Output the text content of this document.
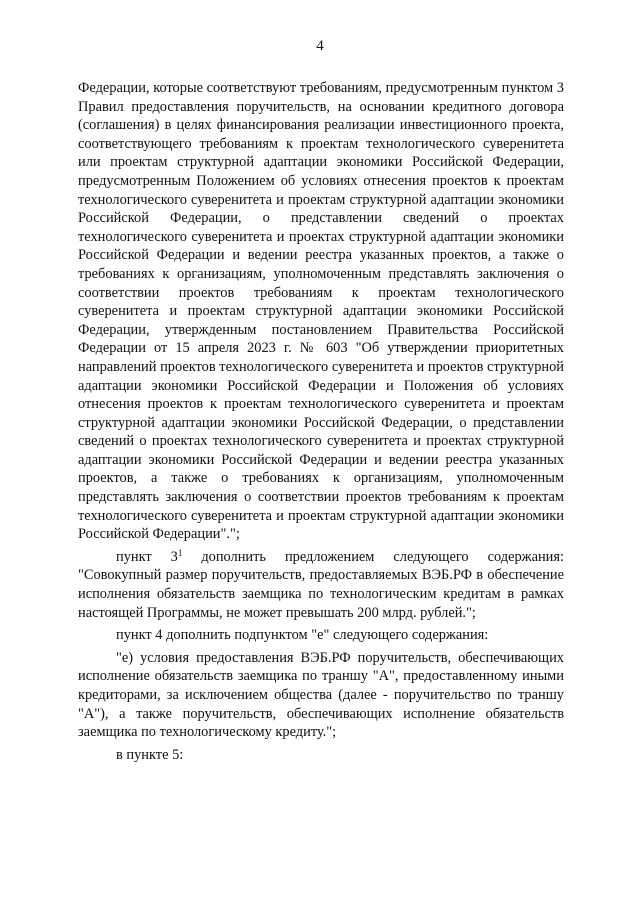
4

Федерации, которые соответствуют требованиям, предусмотренным пунктом 3 Правил предоставления поручительств, на основании кредитного договора (соглашения) в целях финансирования реализации инвестиционного проекта, соответствующего требованиям к проектам технологического суверенитета или проектам структурной адаптации экономики Российской Федерации, предусмотренным Положением об условиях отнесения проектов к проектам технологического суверенитета и проектам структурной адаптации экономики Российской Федерации, о представлении сведений о проектах технологического суверенитета и проектах структурной адаптации экономики Российской Федерации и ведении реестра указанных проектов, а также о требованиях к организациям, уполномоченным представлять заключения о соответствии проектов требованиям к проектам технологического суверенитета и проектам структурной адаптации экономики Российской Федерации, утвержденным постановлением Правительства Российской Федерации от 15 апреля 2023 г. № 603 "Об утверждении приоритетных направлений проектов технологического суверенитета и проектов структурной адаптации экономики Российской Федерации и Положения об условиях отнесения проектов к проектам технологического суверенитета и проектам структурной адаптации экономики Российской Федерации, о представлении сведений о проектах технологического суверенитета и проектах структурной адаптации экономики Российской Федерации и ведении реестра указанных проектов, а также о требованиях к организациям, уполномоченным представлять заключения о соответствии проектов требованиям к проектам технологического суверенитета и проектам структурной адаптации экономики Российской Федерации".";

пункт $3^1$ дополнить предложением следующего содержания: "Совокупный размер поручительств, предоставляемых ВЭБ.РФ в обеспечение исполнения обязательств заемщика по технологическим кредитам в рамках настоящей Программы, не может превышать 200 млрд. рублей.";

пункт 4 дополнить подпунктом "е" следующего содержания:

"е) условия предоставления ВЭБ.РФ поручительств, обеспечивающих исполнение обязательств заемщика по траншу "А", предоставленному иными кредиторами, за исключением общества (далее - поручительство по траншу "А"), а также поручительств, обеспечивающих исполнение обязательств заемщика по технологическому кредиту.";

в пункте 5:
